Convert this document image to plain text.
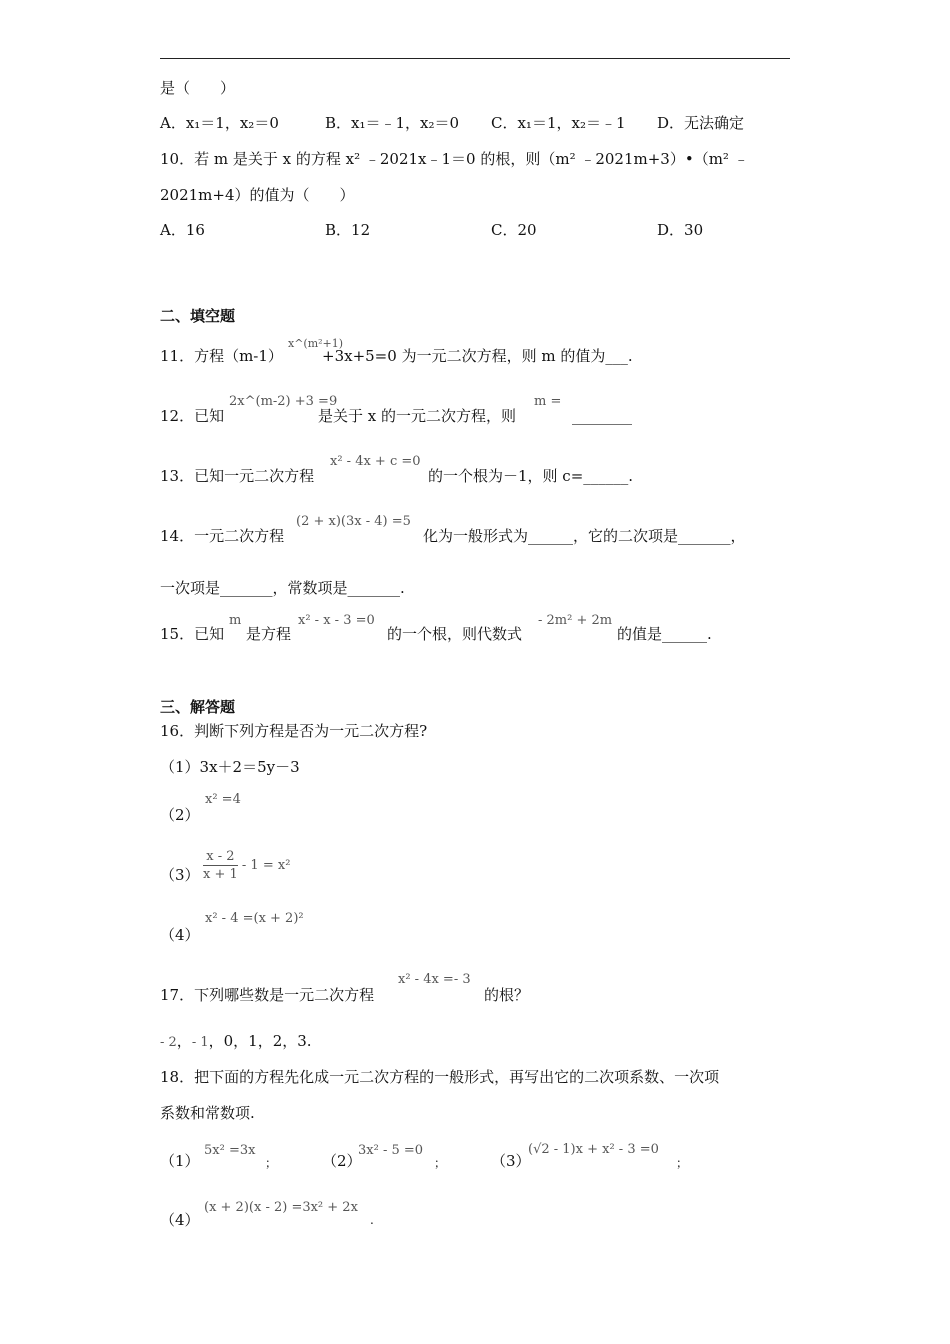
是（　　）
A．x₁＝1，x₂＝0	B．x₁＝﹣1，x₂＝0 C．x₁＝1，x₂＝﹣1 D．无法确定
10．若 m 是关于 x 的方程 x² ﹣2021x﹣1＝0 的根，则（m² ﹣2021m+3）•（m² ﹣
2021m+4）的值为（　　）
A．16	B．12	C．20	D．30
二、填空题
11．方程（m-1）
x^(m²+1)
+3x+5=0 为一元二次方程，则 m 的值为___.
12．已知
2x^(m-2) +3 =9
是关于 x 的一元二次方程，则
m =
________
13．已知一元二次方程
x² - 4x + c =0
的一个根为－1，则 c=______.
14．一元二次方程
(2 + x)(3x - 4) =5
化为一般形式为______，它的二次项是_______，
一次项是_______，常数项是_______.
15．已知
m
是方程
x² - x - 3 =0
的一个根，则代数式
- 2m² + 2m
的值是______.
三、解答题
16．判断下列方程是否为一元二次方程?
（1）3x＋2＝5y－3
（2）
x² =4
$(3) \frac{x - 2}{x + 1} - 1 = x^2$
（4）
x² - 4 =(x + 2)²
17．下列哪些数是一元二次方程
x² - 4x =- 3
的根？
- 2，- 1，0，1，2，3.
18．把下面的方程先化成一元二次方程的一般形式，再写出它的二次项系数、一次项
系数和常数项.
（1）
5x² =3x
；	（2）
3x² - 5 =0
；	（3）
(√2 - 1)x + x² - 3 =0
；
（4）
(x + 2)(x - 2) =3x² + 2x
.
